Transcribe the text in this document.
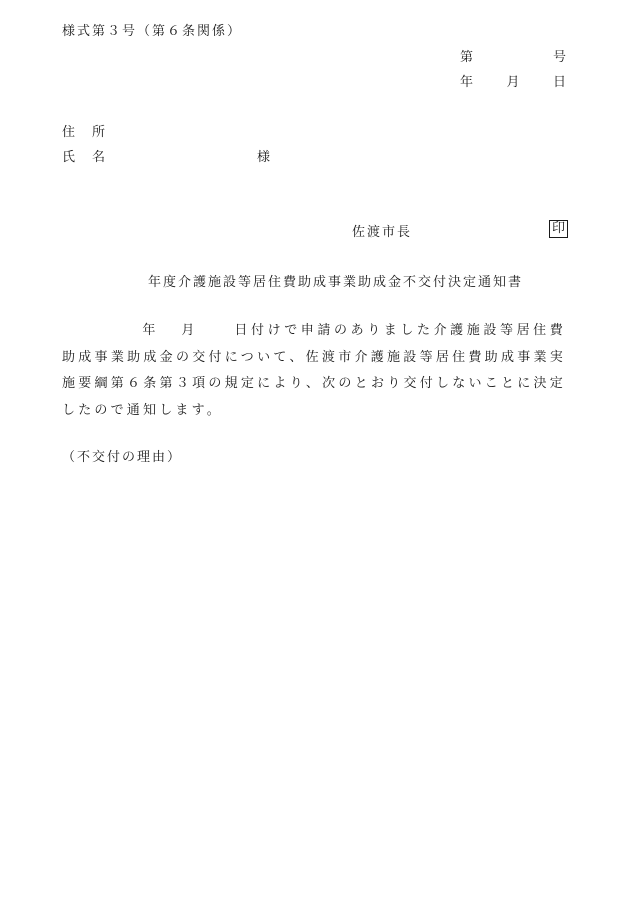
様式第３号（第６条関係）
第	号
年	月	日
住　所
氏　名	様
佐渡市長	印
年度介護施設等居住費助成事業助成金不交付決定通知書
年 月	日付けで申請のありました介護施設等居住費助成事業助成金の交付について、佐渡市介護施設等居住費助成事業実施要綱第６条第３項の規定により、次のとおり交付しないことに決定したので通知します。
（不交付の理由）
